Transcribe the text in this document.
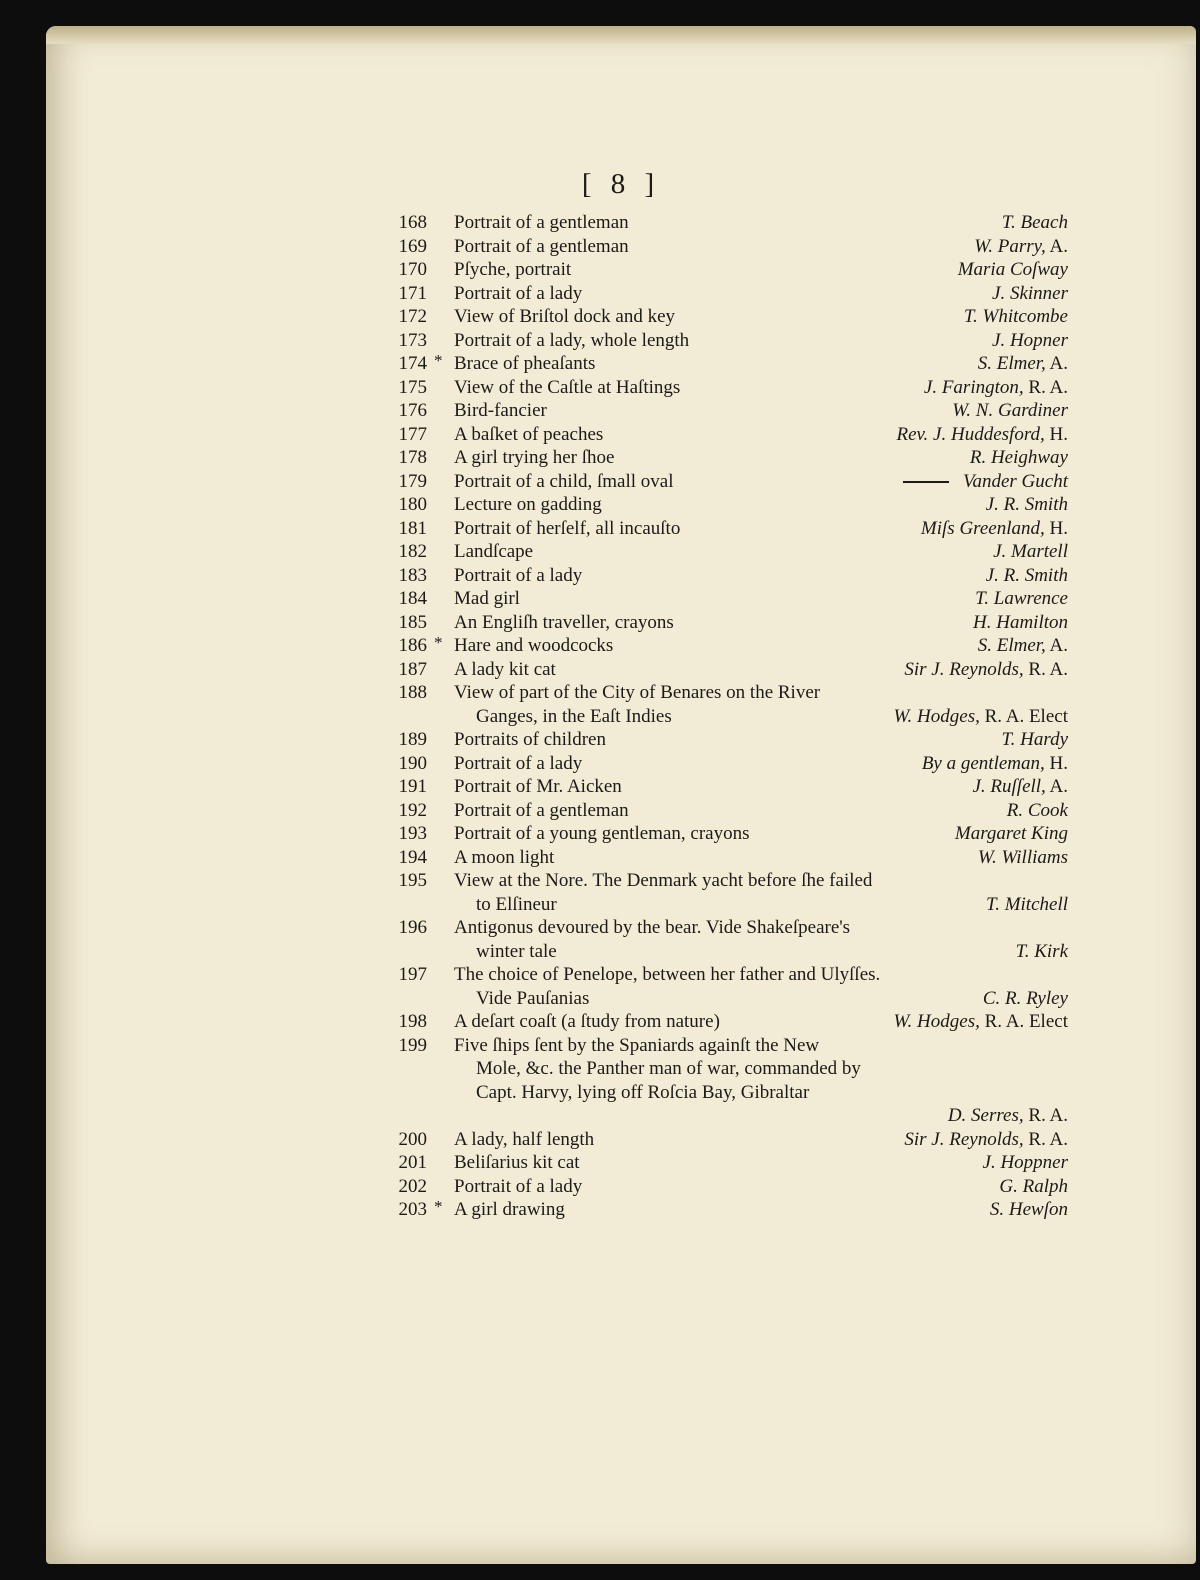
[ 8 ]
168 Portrait of a gentleman	T. Beach
169 Portrait of a gentleman	W. Parry, A.
170 Pſyche, portrait	Maria Coſway
171 Portrait of a lady	J. Skinner
172 View of Briſtol dock and key	T. Whitcombe
173 Portrait of a lady, whole length	J. Hopner
174 * Brace of pheaſants	S. Elmer, A.
175 View of the Caſtle at Haſtings	J. Farington, R. A.
176 Bird-fancier	W. N. Gardiner
177 A baſket of peaches	Rev. J. Huddesford, H.
178 A girl trying her ſhoe	R. Heighway
179 Portrait of a child, ſmall oval	Vander Gucht
180 Lecture on gadding	J. R. Smith
181 Portrait of herſelf, all incauſto	Miſs Greenland, H.
182 Landſcape	J. Martell
183 Portrait of a lady	J. R. Smith
184 Mad girl	T. Lawrence
185 An Engliſh traveller, crayons	H. Hamilton
186 * Hare and woodcocks	S. Elmer, A.
187 A lady kit cat	Sir J. Reynolds, R. A.
188 View of part of the City of Benares on the River
Ganges, in the Eaſt Indies	W. Hodges, R. A. Elect
189 Portraits of children	T. Hardy
190 Portrait of a lady	By a gentleman, H.
191 Portrait of Mr. Aicken	J. Ruſſell, A.
192 Portrait of a gentleman	R. Cook
193 Portrait of a young gentleman, crayons	Margaret King
194 A moon light	W. Williams
195 View at the Nore. The Denmark yacht before ſhe failed
to Elſineur	T. Mitchell
196 Antigonus devoured by the bear. Vide Shakeſpeare's
winter tale	T. Kirk
197 The choice of Penelope, between her father and Ulyſſes.
Vide Pauſanias	C. R. Ryley
198 A deſart coaſt (a ſtudy from nature)	W. Hodges, R. A. Elect
199 Five ſhips ſent by the Spaniards againſt the New
Mole, &c. the Panther man of war, commanded by
Capt. Harvy, lying off Roſcia Bay, Gibraltar
D. Serres, R. A.
200 A lady, half length	Sir J. Reynolds, R. A.
201 Beliſarius kit cat	J. Hoppner
202 Portrait of a lady	G. Ralph
203 * A girl drawing	S. Hewſon
